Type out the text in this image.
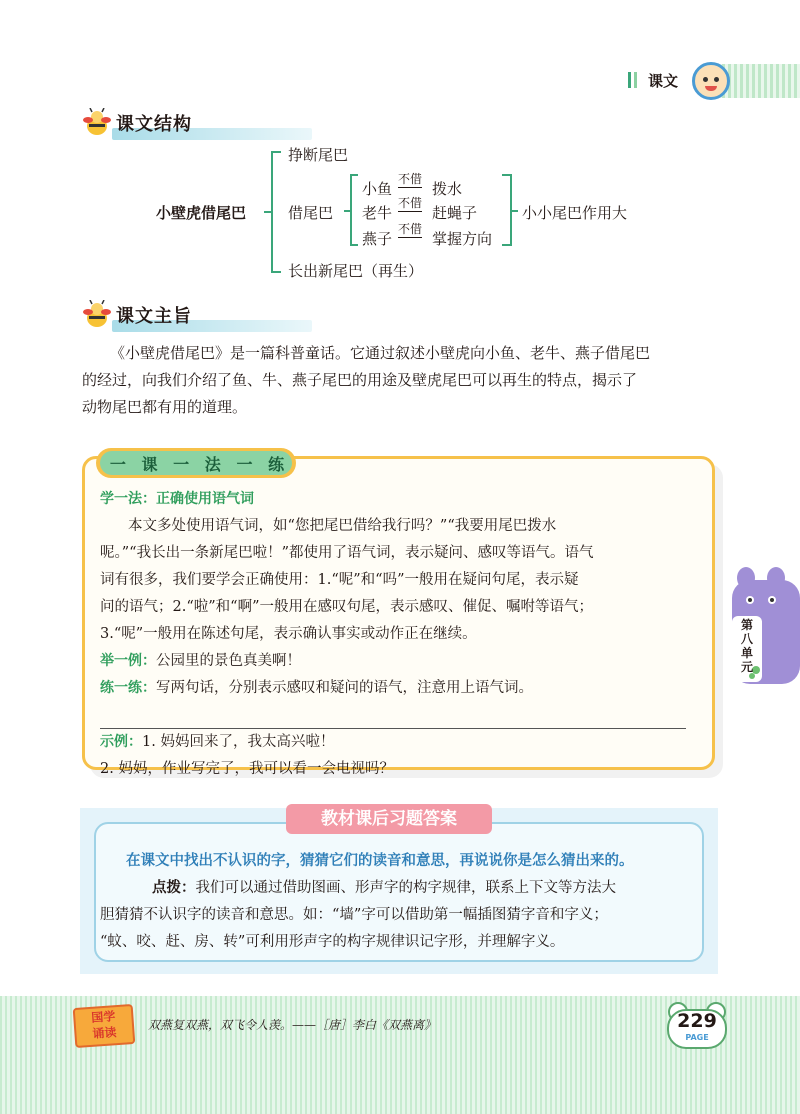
课文
课文结构
小壁虎借尾巴
挣断尾巴
借尾巴
长出新尾巴（再生）
小鱼
不借
拨水
老牛
不借
赶蝇子
燕子
不借
掌握方向
小小尾巴作用大
课文主旨
《小壁虎借尾巴》是一篇科普童话。它通过叙述小壁虎向小鱼、老牛、燕子借尾巴
的经过，向我们介绍了鱼、牛、燕子尾巴的用途及壁虎尾巴可以再生的特点，揭示了
动物尾巴都有用的道理。
一 课 一 法 一 练
学一法：正确使用语气词
本文多处使用语气词，如“您把尾巴借给我行吗？”“我要用尾巴拨水
呢。”“我长出一条新尾巴啦！”都使用了语气词，表示疑问、感叹等语气。语气
词有很多，我们要学会正确使用：1.“呢”和“吗”一般用在疑问句尾，表示疑
问的语气；2.“啦”和“啊”一般用在感叹句尾，表示感叹、催促、嘱咐等语气；
3.“呢”一般用在陈述句尾，表示确认事实或动作正在继续。
举一例：公园里的景色真美啊！
练一练：写两句话，分别表示感叹和疑问的语气，注意用上语气词。
示例：1. 妈妈回来了，我太高兴啦！
2. 妈妈，作业写完了，我可以看一会电视吗？
第
八
单
元
教材课后习题答案
在课文中找出不认识的字，猜猜它们的读音和意思，再说说你是怎么猜出来的。
点拨：我们可以通过借助图画、形声字的构字规律，联系上下文等方法大
胆猜猜不认识字的读音和意思。如：“墙”字可以借助第一幅插图猜字音和字义；
“蚊、咬、赶、房、转”可利用形声字的构字规律识记字形，并理解字义。
国学
诵读
双燕复双燕，双飞令人羡。——［唐］李白《双燕离》	229
PAGE
